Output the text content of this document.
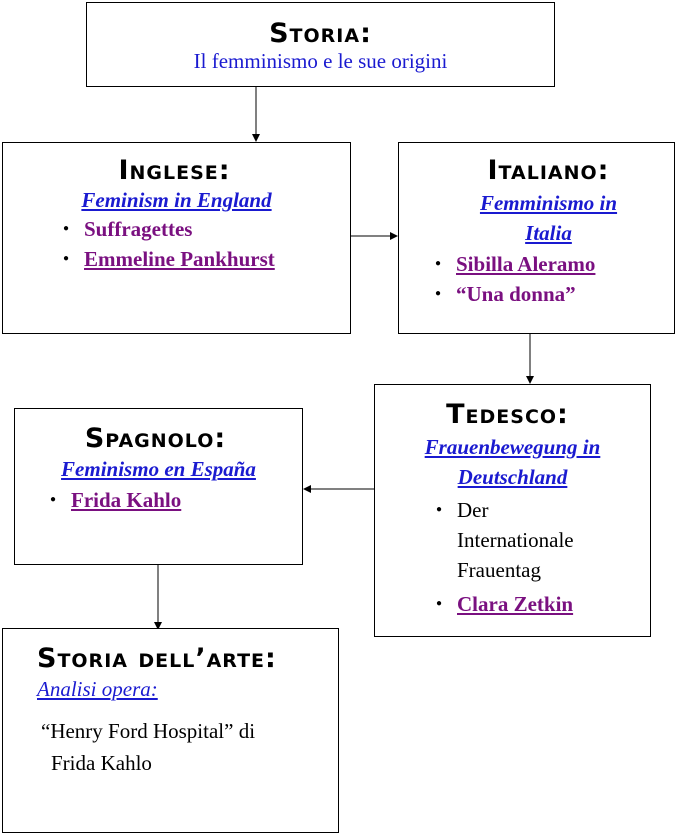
Storia:
Il femminismo e le sue origini
Inglese:
Feminism in England
● Suffragettes
● Emmeline Pankhurst
Italiano:
Femminismo in
Italia
● Sibilla Aleramo
● “Una donna”
Tedesco:
Frauenbewegung in
Deutschland
● Der
Internationale
Frauentag
● Clara Zetkin
Spagnolo:
Feminismo en España
● Frida Kahlo
Storia dell’arte:
Analisi opera:
“Henry Ford Hospital” di
Frida Kahlo
